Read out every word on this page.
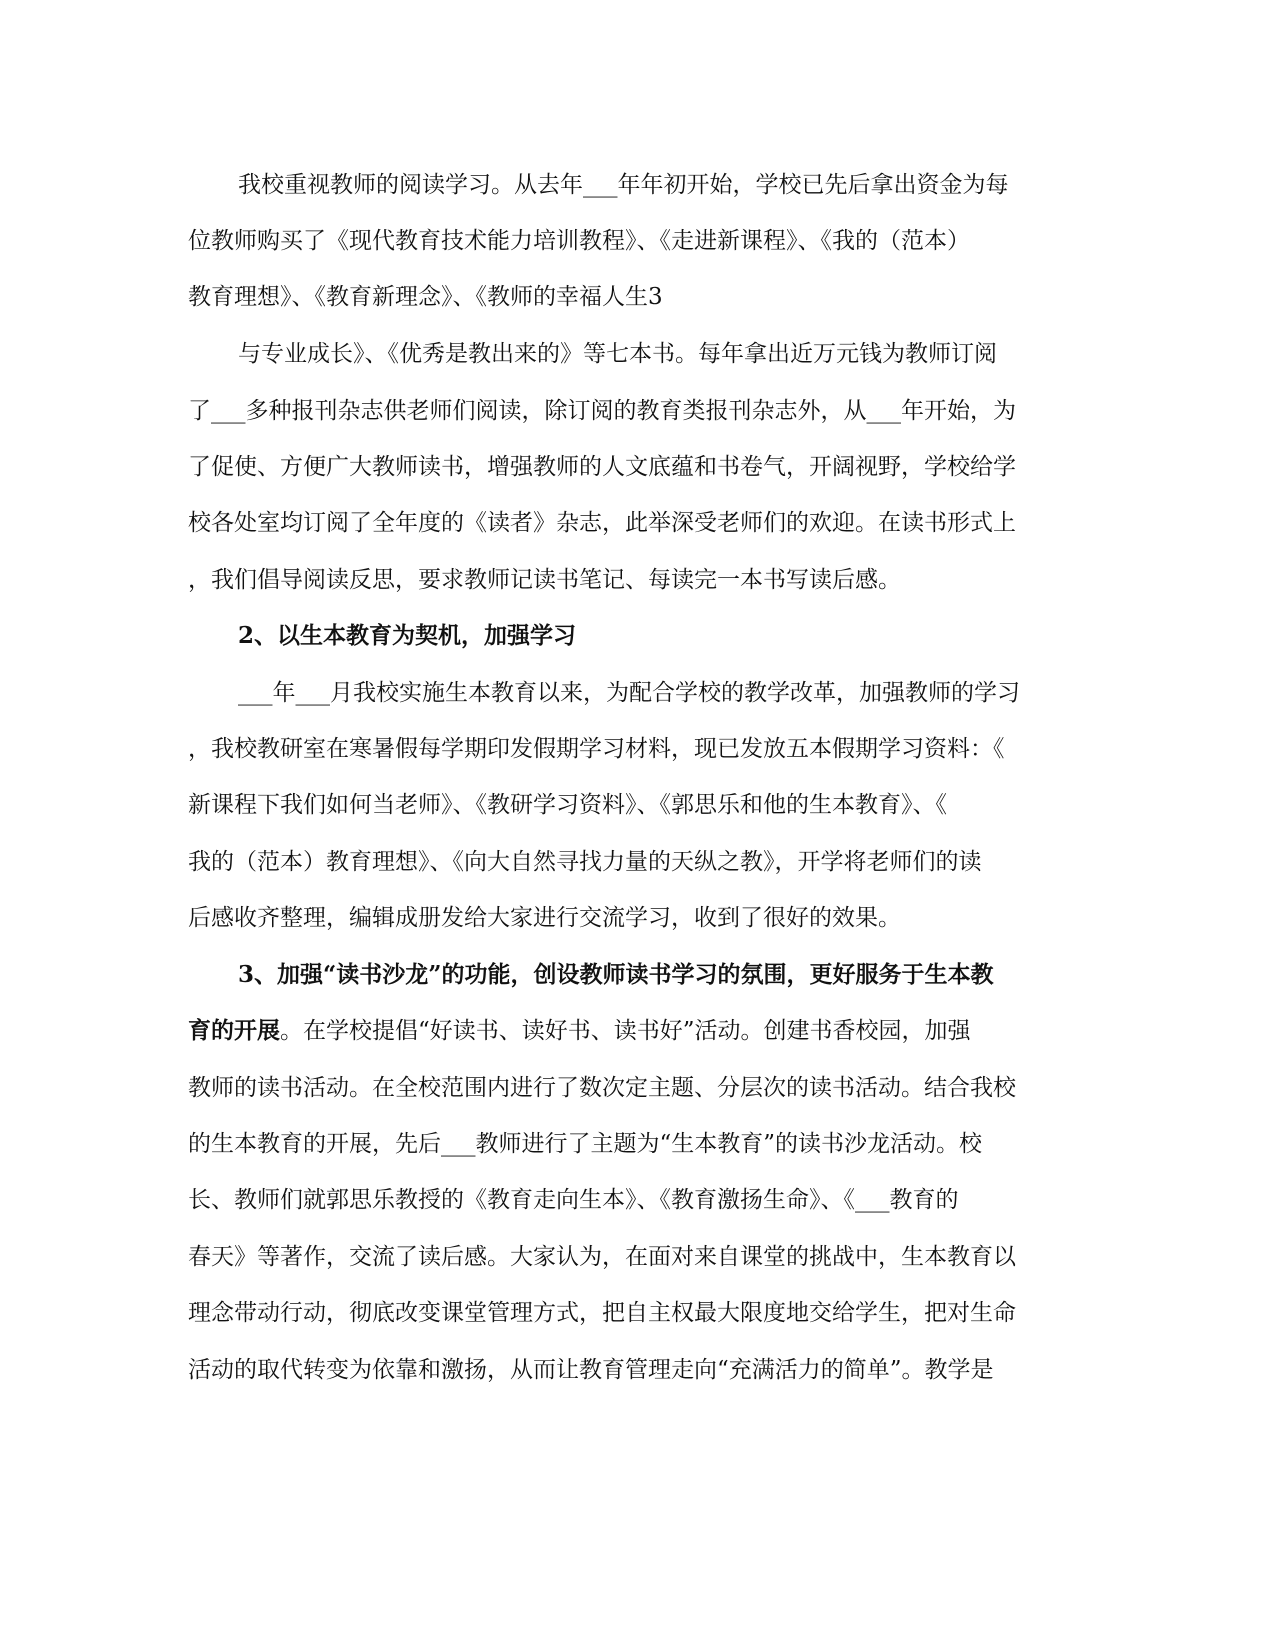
我校重视教师的阅读学习。从去年___年年初开始，学校已先后拿出资金为每
位教师购买了《现代教育技术能力培训教程》、《走进新课程》、《我的（范本）
教育理想》、《教育新理念》、《教师的幸福人生3
与专业成长》、《优秀是教出来的》等七本书。每年拿出近万元钱为教师订阅
了___多种报刊杂志供老师们阅读，除订阅的教育类报刊杂志外，从___年开始，为
了促使、方便广大教师读书，增强教师的人文底蕴和书卷气，开阔视野，学校给学
校各处室均订阅了全年度的《读者》杂志，此举深受老师们的欢迎。在读书形式上
，我们倡导阅读反思，要求教师记读书笔记、每读完一本书写读后感。
2、以生本教育为契机，加强学习
___年___月我校实施生本教育以来，为配合学校的教学改革，加强教师的学习
，我校教研室在寒暑假每学期印发假期学习材料，现已发放五本假期学习资料：《
新课程下我们如何当老师》、《教研学习资料》、《郭思乐和他的生本教育》、《
我的（范本）教育理想》、《向大自然寻找力量的天纵之教》，开学将老师们的读
后感收齐整理，编辑成册发给大家进行交流学习，收到了很好的效果。
3、加强“读书沙龙”的功能，创设教师读书学习的氛围，更好服务于生本教
育的开展。在学校提倡“好读书、读好书、读书好”活动。创建书香校园，加强
教师的读书活动。在全校范围内进行了数次定主题、分层次的读书活动。结合我校
的生本教育的开展，先后___教师进行了主题为“生本教育”的读书沙龙活动。校
长、教师们就郭思乐教授的《教育走向生本》、《教育激扬生命》、《___教育的
春天》等著作，交流了读后感。大家认为，在面对来自课堂的挑战中，生本教育以
理念带动行动，彻底改变课堂管理方式，把自主权最大限度地交给学生，把对生命
活动的取代转变为依靠和激扬，从而让教育管理走向“充满活力的简单”。教学是
